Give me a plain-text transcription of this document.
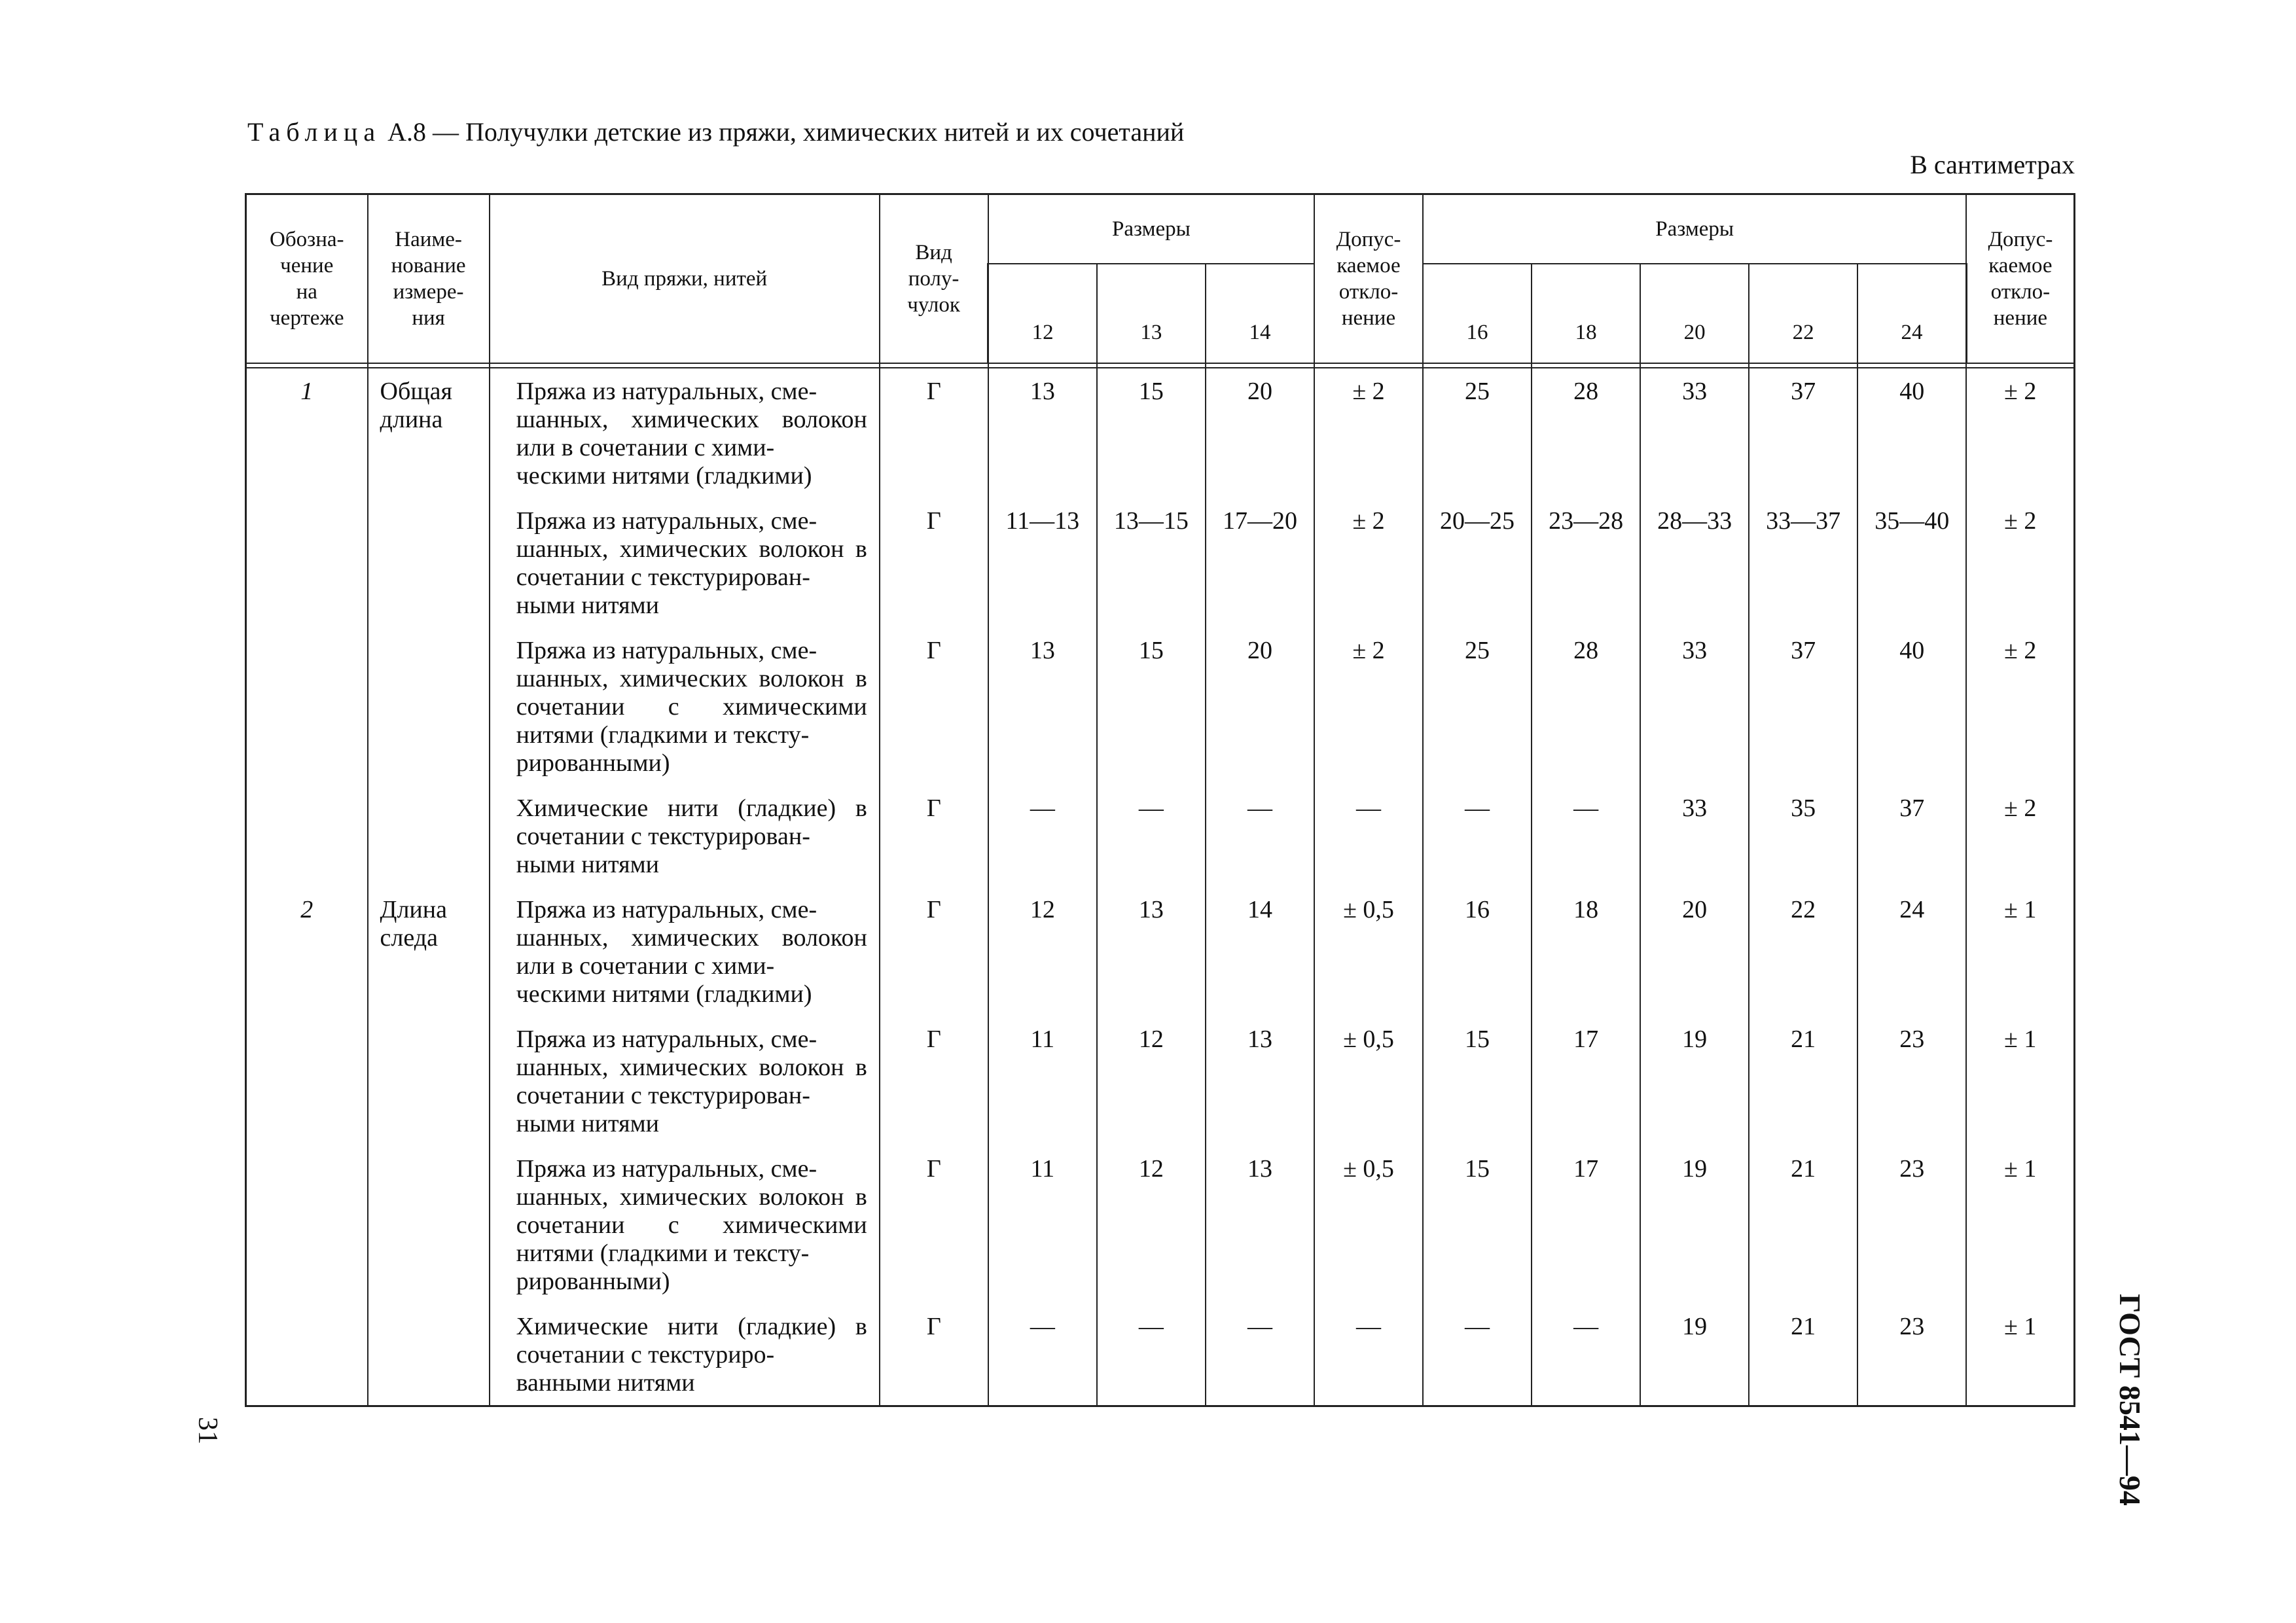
Таблица А.8 — Получулки детские из пряжи, химических нитей и их сочетаний
В сантиметрах
Обозна-
чение
на
чертеже	Наиме-
нование
измере-
ния	Вид пряжи, нитей	Вид
полу-
чулок	Размеры			Допус-
каемое
откло-
нение	Размеры					Допус-
каемое
откло-
нение
				12	13	14		16	18	20	22	24	

1	Общая
длина	Пряжа из натуральных, сме-
шанных, химических волокон или в сочетании с хими-
ческими нитями (гладкими)	Г	13	15	20	± 2	25	28	33	37	40	± 2
		Пряжа из натуральных, сме-
шанных, химических волокон в сочетании с текстурирован-
ными нитями	Г	11—13	13—15	17—20	± 2	20—25	23—28	28—33	33—37	35—40	± 2
		Пряжа из натуральных, сме-
шанных, химических волокон в сочетании с химическими нитями (гладкими и тексту-
рированными)	Г	13	15	20	± 2	25	28	33	37	40	± 2
		Химические нити (гладкие) в сочетании с текстурирован-
ными нитями	Г	—	—	—	—	—	—	33	35	37	± 2
2	Длина
следа	Пряжа из натуральных, сме-
шанных, химических волокон или в сочетании с хими-
ческими нитями (гладкими)	Г	12	13	14	± 0,5	16	18	20	22	24	± 1
		Пряжа из натуральных, сме-
шанных, химических волокон в сочетании с текстурирован-
ными нитями	Г	11	12	13	± 0,5	15	17	19	21	23	± 1
		Пряжа из натуральных, сме-
шанных, химических волокон в сочетании с химическими нитями (гладкими и тексту-
рированными)	Г	11	12	13	± 0,5	15	17	19	21	23	± 1
		Химические нити (гладкие) в сочетании с текстуриро-
ванными нитями	Г	—	—	—	—	—	—	19	21	23	± 1
31	ГОСТ 8541—94
